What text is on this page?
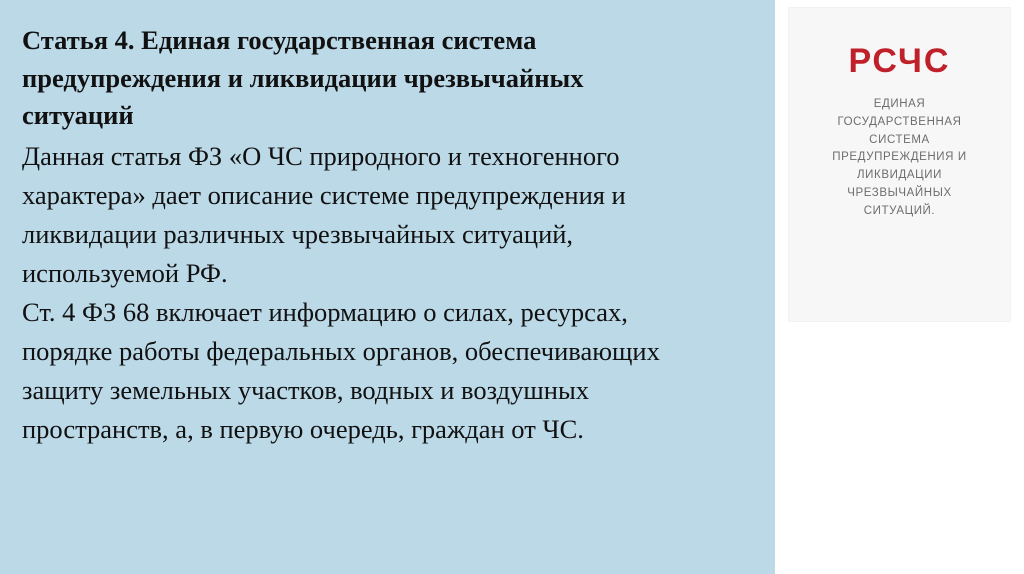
Статья 4. Единая государственная система предупреждения и ликвидации чрезвычайных ситуаций

Данная статья ФЗ «О ЧС природного и техногенного характера» дает описание системе предупреждения и ликвидации различных чрезвычайных ситуаций, используемой РФ.

Ст. 4 ФЗ 68 включает информацию о силах, ресурсах, порядке работы федеральных органов, обеспечивающих защиту земельных участков, водных и воздушных пространств, а, в первую очередь, граждан от ЧС.

РСЧС
ЕДИНАЯ ГОСУДАРСТВЕННАЯ
СИСТЕМА ПРЕДУПРЕЖДЕНИЯ И
ЛИКВИДАЦИИ ЧРЕЗВЫЧАЙНЫХ
СИТУАЦИЙ.
